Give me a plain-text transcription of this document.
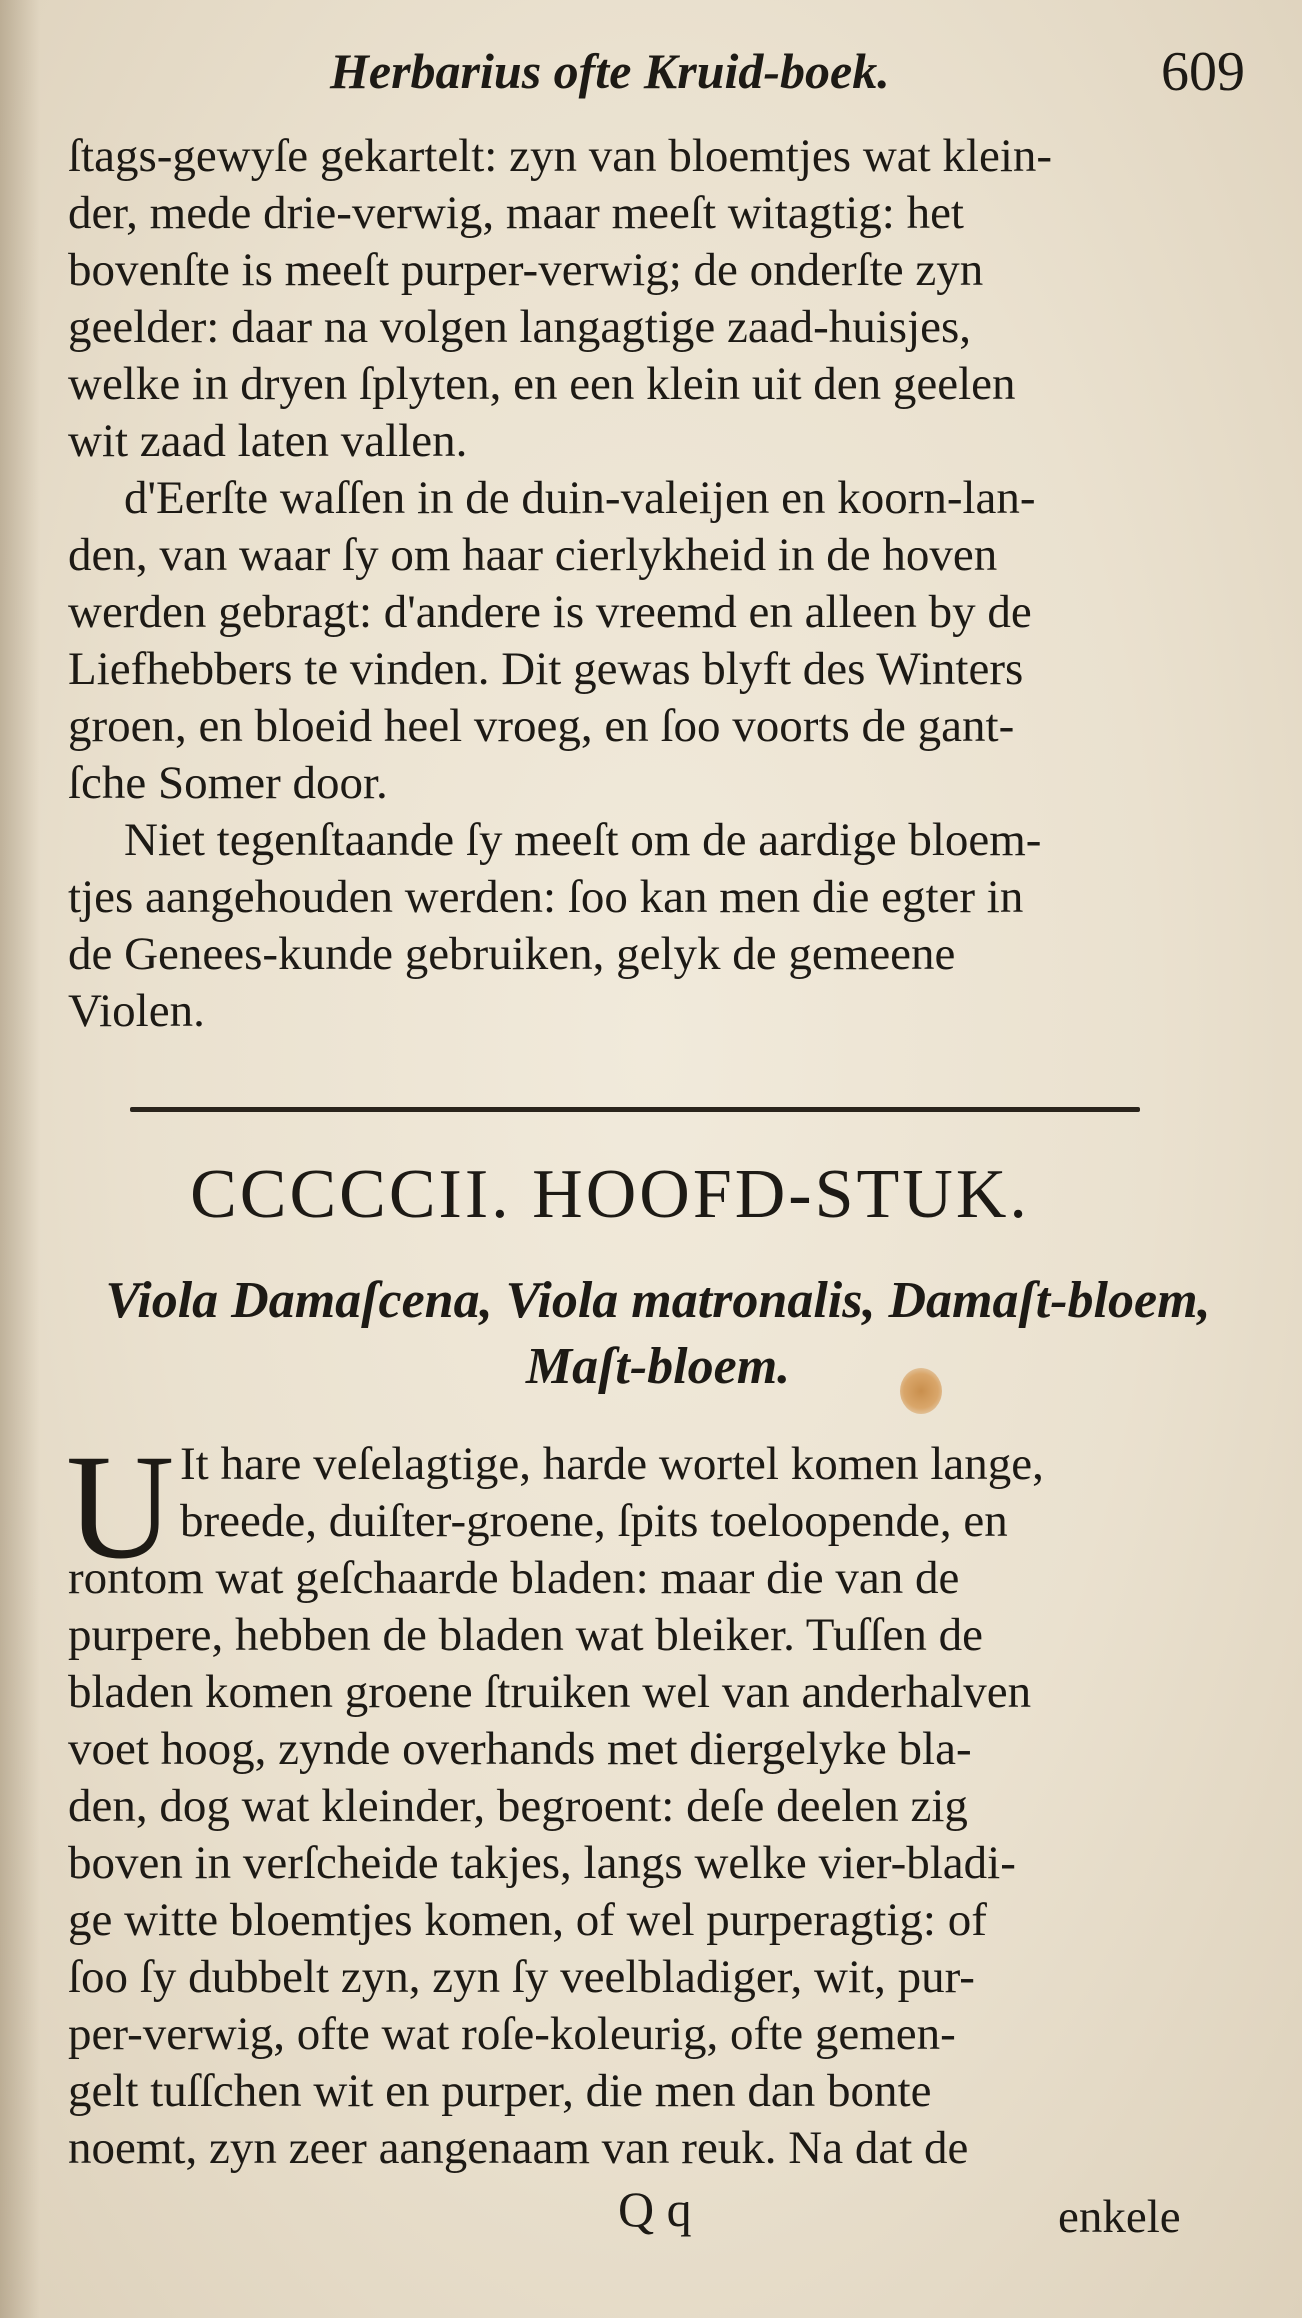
Herbarius ofte Kruid-boek.	609
ſtags-gewyſe gekartelt: zyn van bloemtjes wat klein-
der, mede drie-verwig, maar meeſt witagtig: het
bovenſte is meeſt purper-verwig; de onderſte zyn
geelder: daar na volgen langagtige zaad-huisjes,
welke in dryen ſplyten, en een klein uit den geelen
wit zaad laten vallen.
d'Eerſte waſſen in de duin-valeijen en koorn-lan-
den, van waar ſy om haar cierlykheid in de hoven
werden gebragt: d'andere is vreemd en alleen by de
Liefhebbers te vinden. Dit gewas blyft des Winters
groen, en bloeid heel vroeg, en ſoo voorts de gant-
ſche Somer door.
Niet tegenſtaande ſy meeſt om de aardige bloem-
tjes aangehouden werden: ſoo kan men die egter in
de Genees-kunde gebruiken, gelyk de gemeene
Violen.
CCCCCII. HOOFD-STUK.
Viola Damaſcena, Viola matronalis, Damaſt-bloem,
Maſt-bloem.
U It hare veſelagtige, harde wortel komen lange,
breede, duiſter-groene, ſpits toeloopende, en
rontom wat geſchaarde bladen: maar die van de
purpere, hebben de bladen wat bleiker. Tuſſen de
bladen komen groene ſtruiken wel van anderhalven
voet hoog, zynde overhands met diergelyke bla-
den, dog wat kleinder, begroent: deſe deelen zig
boven in verſcheide takjes, langs welke vier-bladi-
ge witte bloemtjes komen, of wel purperagtig: of
ſoo ſy dubbelt zyn, zyn ſy veelbladiger, wit, pur-
per-verwig, ofte wat roſe-koleurig, ofte gemen-
gelt tuſſchen wit en purper, die men dan bonte
noemt, zyn zeer aangenaam van reuk. Na dat de
Q q	enkele
